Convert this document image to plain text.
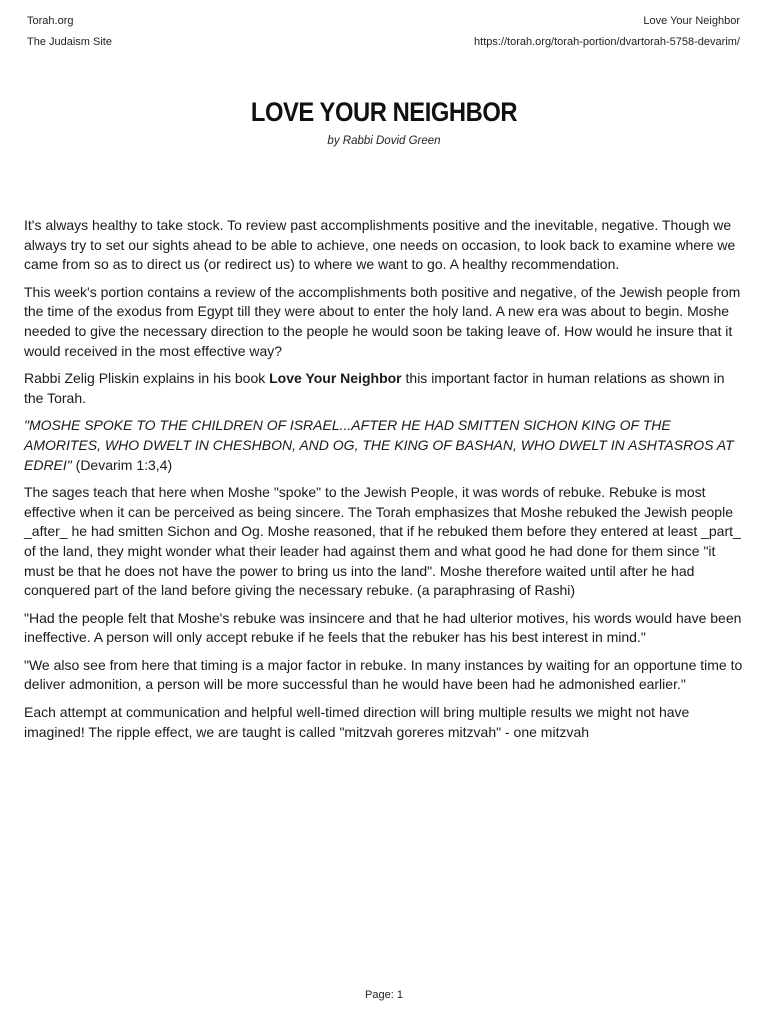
Torah.org
The Judaism Site
Love Your Neighbor
https://torah.org/torah-portion/dvartorah-5758-devarim/
LOVE YOUR NEIGHBOR
by Rabbi Dovid Green

It's always healthy to take stock. To review past accomplishments positive and the inevitable, negative. Though we always try to set our sights ahead to be able to achieve, one needs on occasion, to look back to examine where we came from so as to direct us (or redirect us) to where we want to go. A healthy recommendation.

This week's portion contains a review of the accomplishments both positive and negative, of the Jewish people from the time of the exodus from Egypt till they were about to enter the holy land. A new era was about to begin. Moshe needed to give the necessary direction to the people he would soon be taking leave of. How would he insure that it would received in the most effective way?

Rabbi Zelig Pliskin explains in his book Love Your Neighbor this important factor in human relations as shown in the Torah.

"MOSHE SPOKE TO THE CHILDREN OF ISRAEL...AFTER HE HAD SMITTEN SICHON KING OF THE AMORITES, WHO DWELT IN CHESHBON, AND OG, THE KING OF BASHAN, WHO DWELT IN ASHTASROS AT EDREI" (Devarim 1:3,4)

The sages teach that here when Moshe "spoke" to the Jewish People, it was words of rebuke. Rebuke is most effective when it can be perceived as being sincere. The Torah emphasizes that Moshe rebuked the Jewish people _after_ he had smitten Sichon and Og. Moshe reasoned, that if he rebuked them before they entered at least _part_ of the land, they might wonder what their leader had against them and what good he had done for them since "it must be that he does not have the power to bring us into the land". Moshe therefore waited until after he had conquered part of the land before giving the necessary rebuke. (a paraphrasing of Rashi)

"Had the people felt that Moshe's rebuke was insincere and that he had ulterior motives, his words would have been ineffective. A person will only accept rebuke if he feels that the rebuker has his best interest in mind."

"We also see from here that timing is a major factor in rebuke. In many instances by waiting for an opportune time to deliver admonition, a person will be more successful than he would have been had he admonished earlier."

Each attempt at communication and helpful well-timed direction will bring multiple results we might not have imagined! The ripple effect, we are taught is called "mitzvah goreres mitzvah" - one mitzvah

Page: 1
